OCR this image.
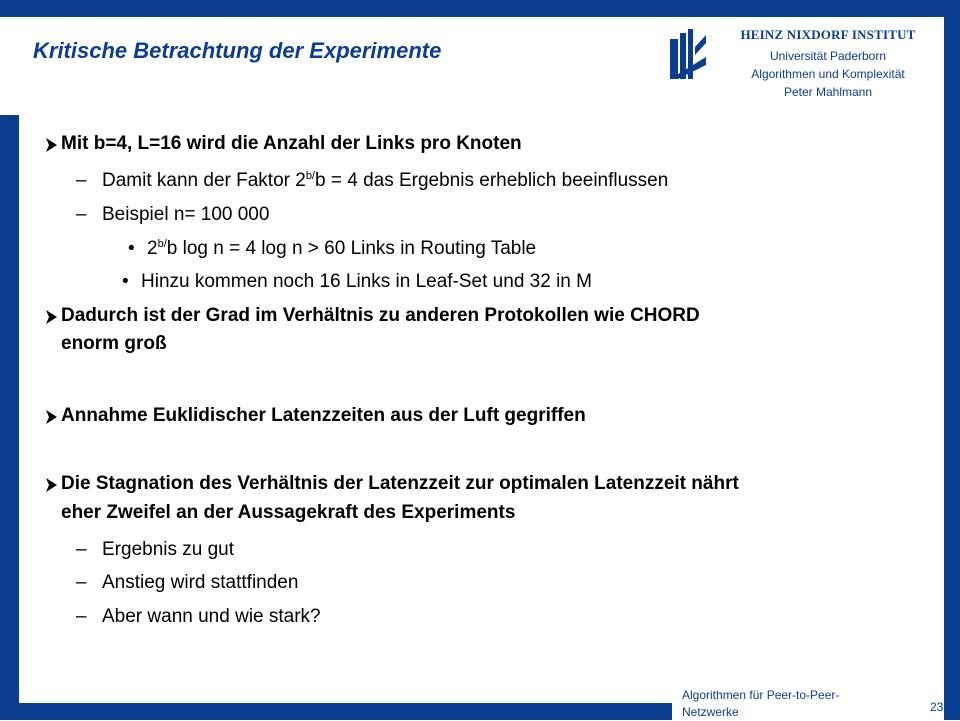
Kritische Betrachtung der Experimente
HEINZ NIXDORF INSTITUT
Universität Paderborn
Algorithmen und Komplexität
Peter Mahlmann
Mit b=4, L=16 wird die Anzahl der Links pro Knoten
– Damit kann der Faktor $2^{b/}b = 4$ das Ergebnis erheblich beeinflussen
– Beispiel n= 100 000
• $2^{b/}b$ log n = 4 log n > 60 Links in Routing Table
• Hinzu kommen noch 16 Links in Leaf-Set und 32 in M
Dadurch ist der Grad im Verhältnis zu anderen Protokollen wie CHORD
enorm groß
Annahme Euklidischer Latenzzeiten aus der Luft gegriffen
Die Stagnation des Verhältnis der Latenzzeit zur optimalen Latenzzeit nährt
eher Zweifel an der Aussagekraft des Experiments
– Ergebnis zu gut
– Anstieg wird stattfinden
– Aber wann und wie stark?
Algorithmen für Peer-to-Peer-Netzwerke	23
